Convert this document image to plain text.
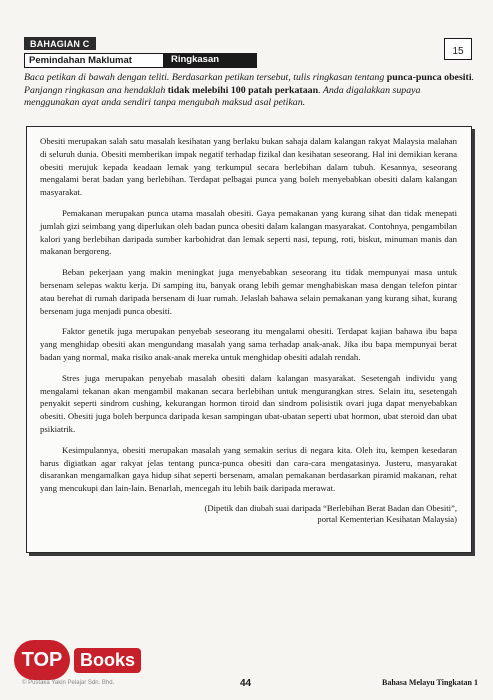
BAHAGIAN C
Pemindahan Maklumat	Ringkasan
15
Baca petikan di bawah dengan teliti. Berdasarkan petikan tersebut, tulis ringkasan tentang punca-punca obesiti. Panjangn ringkasan ana hendaklah tidak melebihi 100 patah perkataan. Anda digalakkan supaya menggunakan ayat anda sendiri tanpa mengubah maksud asal petikan.

Obesiti merupakan salah satu masalah kesihatan yang berlaku bukan sahaja dalam kalangan rakyat Malaysia malahan di seluruh dunia. Obesiti memberikan impak negatif terhadap fizikal dan kesihatan seseorang. Hal ini demikian kerana obesiti merujuk kepada keadaan lemak yang terkumpul secara berlebihan dalam tubuh. Kesannya, seseorang mengalami berat badan yang berlebihan. Terdapat pelbagai punca yang boleh menyebabkan obesiti dalam kalangan masyarakat.

Pemakanan merupakan punca utama masalah obesiti. Gaya pemakanan yang kurang sihat dan tidak menepati jumlah gizi seimbang yang diperlukan oleh badan punca obesiti dalam kalangan masyarakat. Contohnya, pengambilan kalori yang berlebihan daripada sumber karbohidrat dan lemak seperti nasi, tepung, roti, biskut, minuman manis dan makanan bergoreng.

Beban pekerjaan yang makin meningkat juga menyebabkan seseorang itu tidak mempunyai masa untuk bersenam selepas waktu kerja. Di samping itu, banyak orang lebih gemar menghabiskan masa dengan telefon pintar atau berehat di rumah daripada bersenam di luar rumah. Jelaslah bahawa selain pemakanan yang kurang sihat, kurang bersenam juga menjadi punca obesiti.

Faktor genetik juga merupakan penyebab seseorang itu mengalami obesiti. Terdapat kajian bahawa ibu bapa yang menghidap obesiti akan mengundang masalah yang sama terhadap anak-anak. Jika ibu bapa mempunyai berat badan yang normal, maka risiko anak-anak mereka untuk menghidap obesiti adalah rendah.

Stres juga merupakan penyebab masalah obesiti dalam kalangan masyarakat. Sesetengah individu yang mengalami tekanan akan mengambil makanan secara berlebihan untuk mengurangkan stres. Selain itu, sesetengah penyakit seperti sindrom cushing, kekurangan hormon tiroid dan sindrom polisistik ovari juga dapat menyebabkan obesiti. Obesiti juga boleh berpunca daripada kesan sampingan ubat-ubatan seperti ubat hormon, ubat steroid dan ubat psikiatrik.

Kesimpulannya, obesiti merupakan masalah yang semakin serius di negara kita. Oleh itu, kempen kesedaran harus digiatkan agar rakyat jelas tentang punca-punca obesiti dan cara-cara mengatasinya. Justeru, masyarakat disarankan mengamalkan gaya hidup sihat seperti bersenam, amalan pemakanan berdasarkan piramid makanan, rehat yang mencukupi dan lain-lain. Benarlah, mencegah itu lebih baik daripada merawat.

(Dipetik dan diubah suai daripada “Berlebihan Berat Badan dan Obesiti”,
portal Kementerian Kesihatan Malaysia)
TOP Books
© Pustaka Yakin Pelajar Sdn. Bhd.	44	Bahasa Melayu Tingkatan 1
